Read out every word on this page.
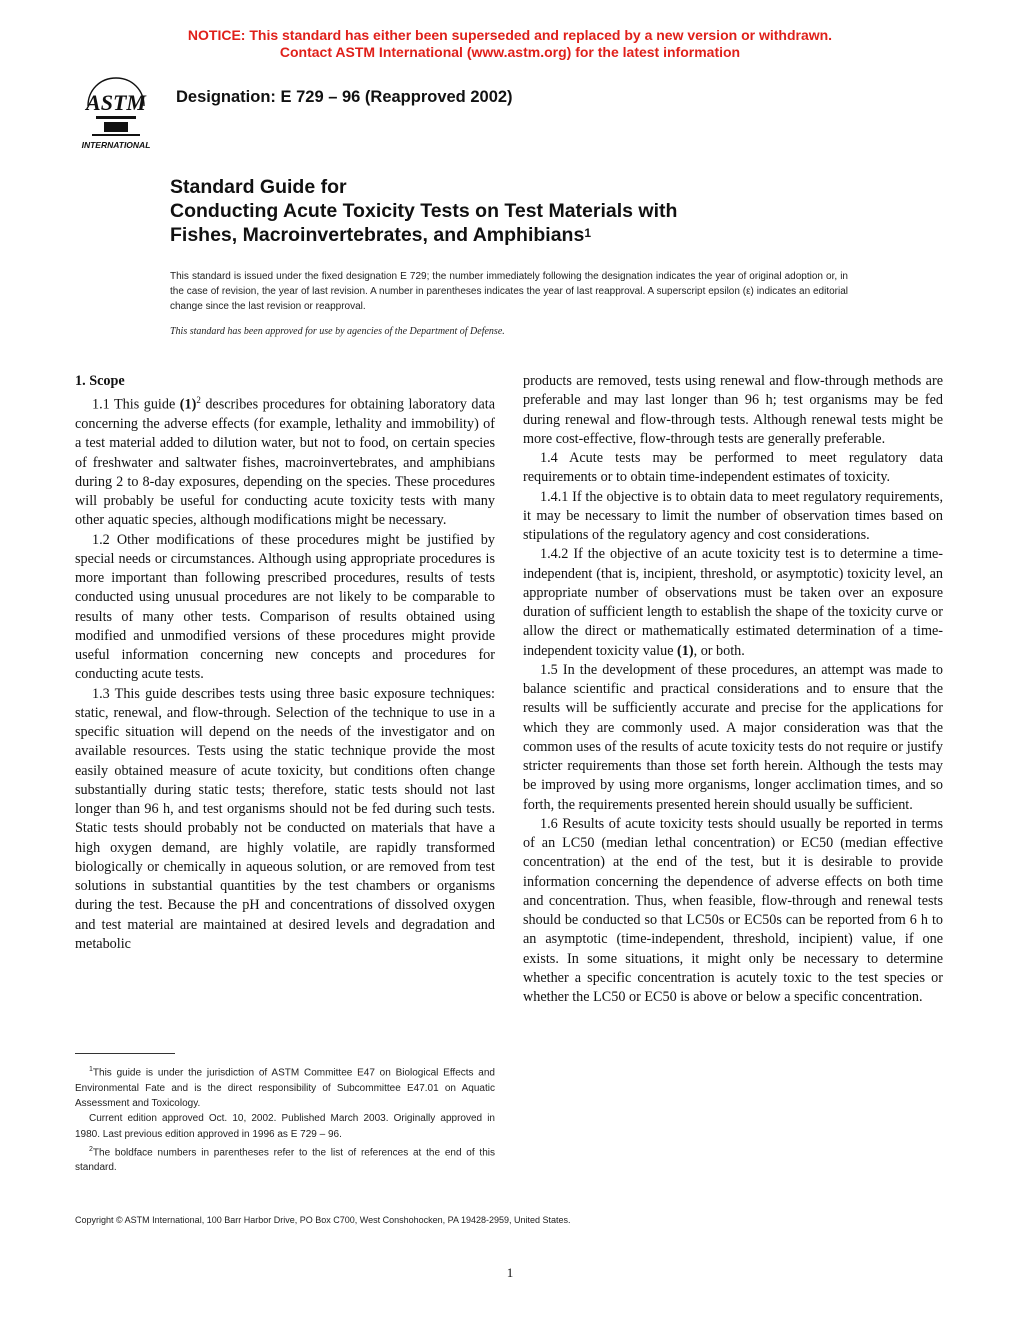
NOTICE: This standard has either been superseded and replaced by a new version or withdrawn.
Contact ASTM International (www.astm.org) for the latest information
ASTM
INTERNATIONAL
Designation: E 729 – 96 (Reapproved 2002)
Standard Guide for
Conducting Acute Toxicity Tests on Test Materials with
Fishes, Macroinvertebrates, and Amphibians$^1$
This standard is issued under the fixed designation E 729; the number immediately following the designation indicates the year of original adoption or, in the case of revision, the year of last revision. A number in parentheses indicates the year of last reapproval. A superscript epsilon (ε) indicates an editorial change since the last revision or reapproval.
This standard has been approved for use by agencies of the Department of Defense.

1. Scope

1.1 This guide $(1)^2$ describes procedures for obtaining laboratory data concerning the adverse effects (for example, lethality and immobility) of a test material added to dilution water, but not to food, on certain species of freshwater and saltwater fishes, macroinvertebrates, and amphibians during 2 to 8-day exposures, depending on the species. These procedures will probably be useful for conducting acute toxicity tests with many other aquatic species, although modifications might be necessary.

1.2 Other modifications of these procedures might be justified by special needs or circumstances. Although using appropriate procedures is more important than following prescribed procedures, results of tests conducted using unusual procedures are not likely to be comparable to results of many other tests. Comparison of results obtained using modified and unmodified versions of these procedures might provide useful information concerning new concepts and procedures for conducting acute tests.

1.3 This guide describes tests using three basic exposure techniques: static, renewal, and flow-through. Selection of the technique to use in a specific situation will depend on the needs of the investigator and on available resources. Tests using the static technique provide the most easily obtained measure of acute toxicity, but conditions often change substantially during static tests; therefore, static tests should not last longer than 96 h, and test organisms should not be fed during such tests. Static tests should probably not be conducted on materials that have a high oxygen demand, are highly volatile, are rapidly transformed biologically or chemically in aqueous solution, or are removed from test solutions in substantial quantities by the test chambers or organisms during the test. Because the pH and concentrations of dissolved oxygen and test material are maintained at desired levels and degradation and metabolic

products are removed, tests using renewal and flow-through methods are preferable and may last longer than 96 h; test organisms may be fed during renewal and flow-through tests. Although renewal tests might be more cost-effective, flow-through tests are generally preferable.

1.4 Acute tests may be performed to meet regulatory data requirements or to obtain time-independent estimates of toxicity.

1.4.1 If the objective is to obtain data to meet regulatory requirements, it may be necessary to limit the number of observation times based on stipulations of the regulatory agency and cost considerations.

1.4.2 If the objective of an acute toxicity test is to determine a time-independent (that is, incipient, threshold, or asymptotic) toxicity level, an appropriate number of observations must be taken over an exposure duration of sufficient length to establish the shape of the toxicity curve or allow the direct or mathematically estimated determination of a time-independent toxicity value (1), or both.

1.5 In the development of these procedures, an attempt was made to balance scientific and practical considerations and to ensure that the results will be sufficiently accurate and precise for the applications for which they are commonly used. A major consideration was that the common uses of the results of acute toxicity tests do not require or justify stricter requirements than those set forth herein. Although the tests may be improved by using more organisms, longer acclimation times, and so forth, the requirements presented herein should usually be sufficient.

1.6 Results of acute toxicity tests should usually be reported in terms of an LC50 (median lethal concentration) or EC50 (median effective concentration) at the end of the test, but it is desirable to provide information concerning the dependence of adverse effects on both time and concentration. Thus, when feasible, flow-through and renewal tests should be conducted so that LC50s or EC50s can be reported from 6 h to an asymptotic (time-independent, threshold, incipient) value, if one exists. In some situations, it might only be necessary to determine whether a specific concentration is acutely toxic to the test species or whether the LC50 or EC50 is above or below a specific concentration.

$^1$This guide is under the jurisdiction of ASTM Committee E47 on Biological Effects and Environmental Fate and is the direct responsibility of Subcommittee E47.01 on Aquatic Assessment and Toxicology.

Current edition approved Oct. 10, 2002. Published March 2003. Originally approved in 1980. Last previous edition approved in 1996 as E 729 – 96.

$^2$The boldface numbers in parentheses refer to the list of references at the end of this standard.

Copyright © ASTM International, 100 Barr Harbor Drive, PO Box C700, West Conshohocken, PA 19428-2959, United States.
1
